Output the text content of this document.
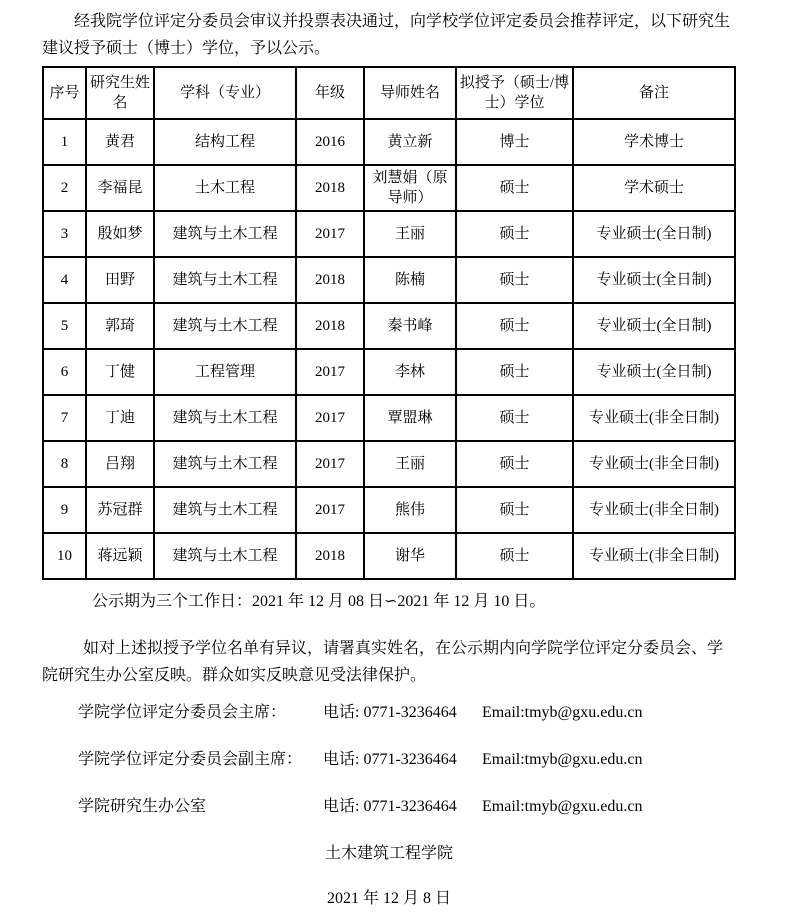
经我院学位评定分委员会审议并投票表决通过，向学校学位评定委员会推荐评定，以下研究生建议授予硕士（博士）学位，予以公示。

序号	研究生姓名	学科（专业）	年级	导师姓名	拟授予（硕士/博士）学位	备注
1	黄君	结构工程	2016	黄立新	博士	学术博士
2	李福昆	土木工程	2018	刘慧娟（原导师）	硕士	学术硕士
3	殷如梦	建筑与土木工程	2017	王丽	硕士	专业硕士(全日制)
4	田野	建筑与土木工程	2018	陈楠	硕士	专业硕士(全日制)
5	郭琦	建筑与土木工程	2018	秦书峰	硕士	专业硕士(全日制)
6	丁健	工程管理	2017	李林	硕士	专业硕士(全日制)
7	丁迪	建筑与土木工程	2017	覃盟琳	硕士	专业硕士(非全日制)
8	吕翔	建筑与土木工程	2017	王丽	硕士	专业硕士(非全日制)
9	苏冠群	建筑与土木工程	2017	熊伟	硕士	专业硕士(非全日制)
10	蒋远颖	建筑与土木工程	2018	谢华	硕士	专业硕士(非全日制)

公示期为三个工作日：2021 年 12 月 08 日∽2021 年 12 月 10 日。

如对上述拟授予学位名单有异议，请署真实姓名，在公示期内向学院学位评定分委员会、学院研究生办公室反映。群众如实反映意见受法律保护。

学院学位评定分委员会主席：	电话: 0771-3236464	Email:tmyb@gxu.edu.cn
学院学位评定分委员会副主席：	电话: 0771-3236464	Email:tmyb@gxu.edu.cn
学院研究生办公室	电话: 0771-3236464	Email:tmyb@gxu.edu.cn

土木建筑工程学院

2021 年 12 月 8 日
